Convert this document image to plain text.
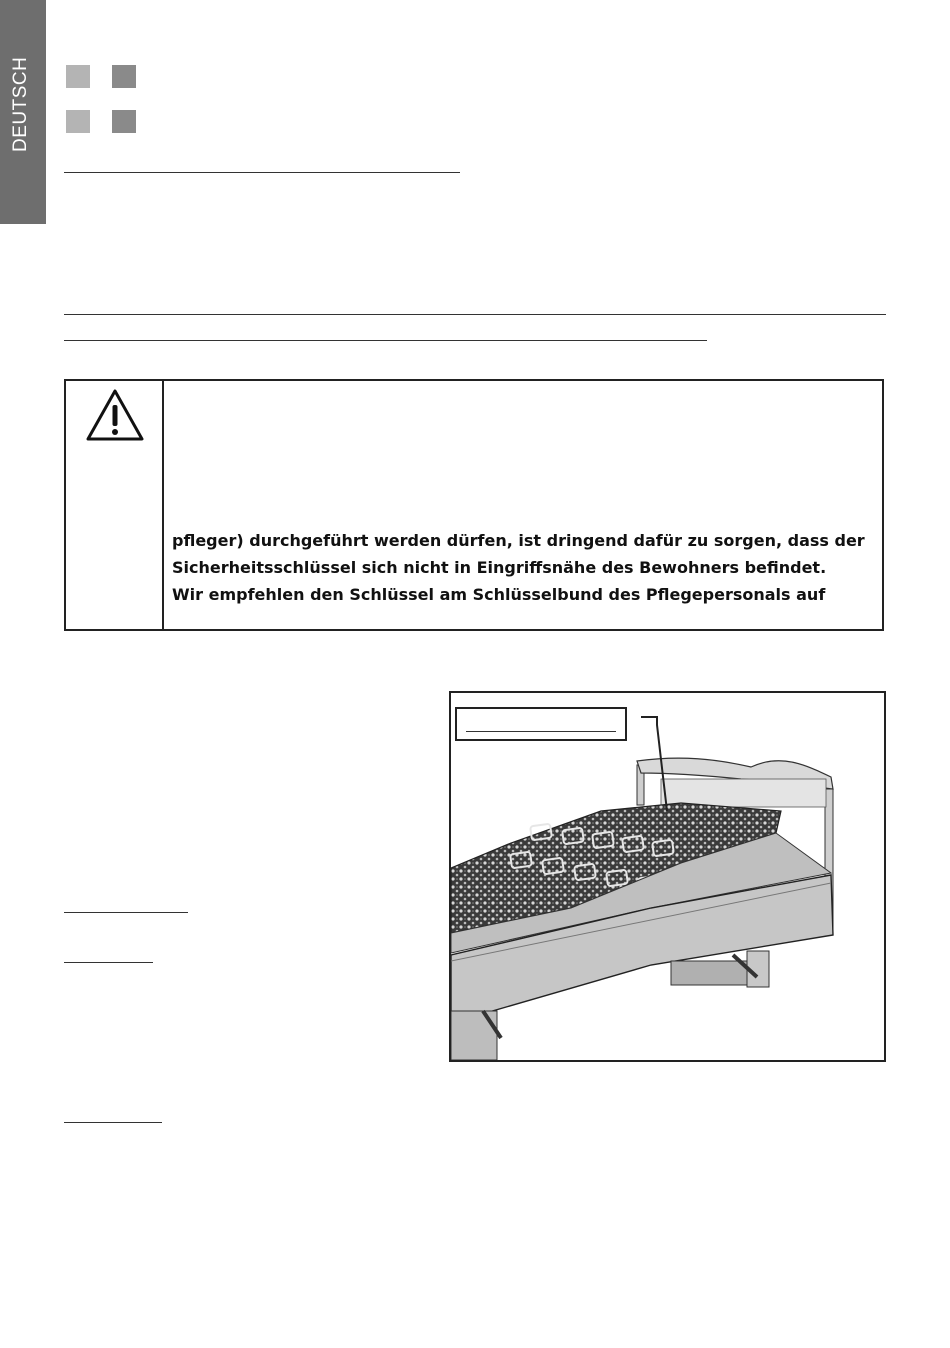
DEUTSCH
pfleger) durchgeführt werden dürfen, ist dringend dafür zu sorgen, dass der
Sicherheitsschlüssel sich nicht in Eingriffsnähe des Bewohners befindet.
Wir empfehlen den Schlüssel am Schlüsselbund des Pflegepersonals auf
